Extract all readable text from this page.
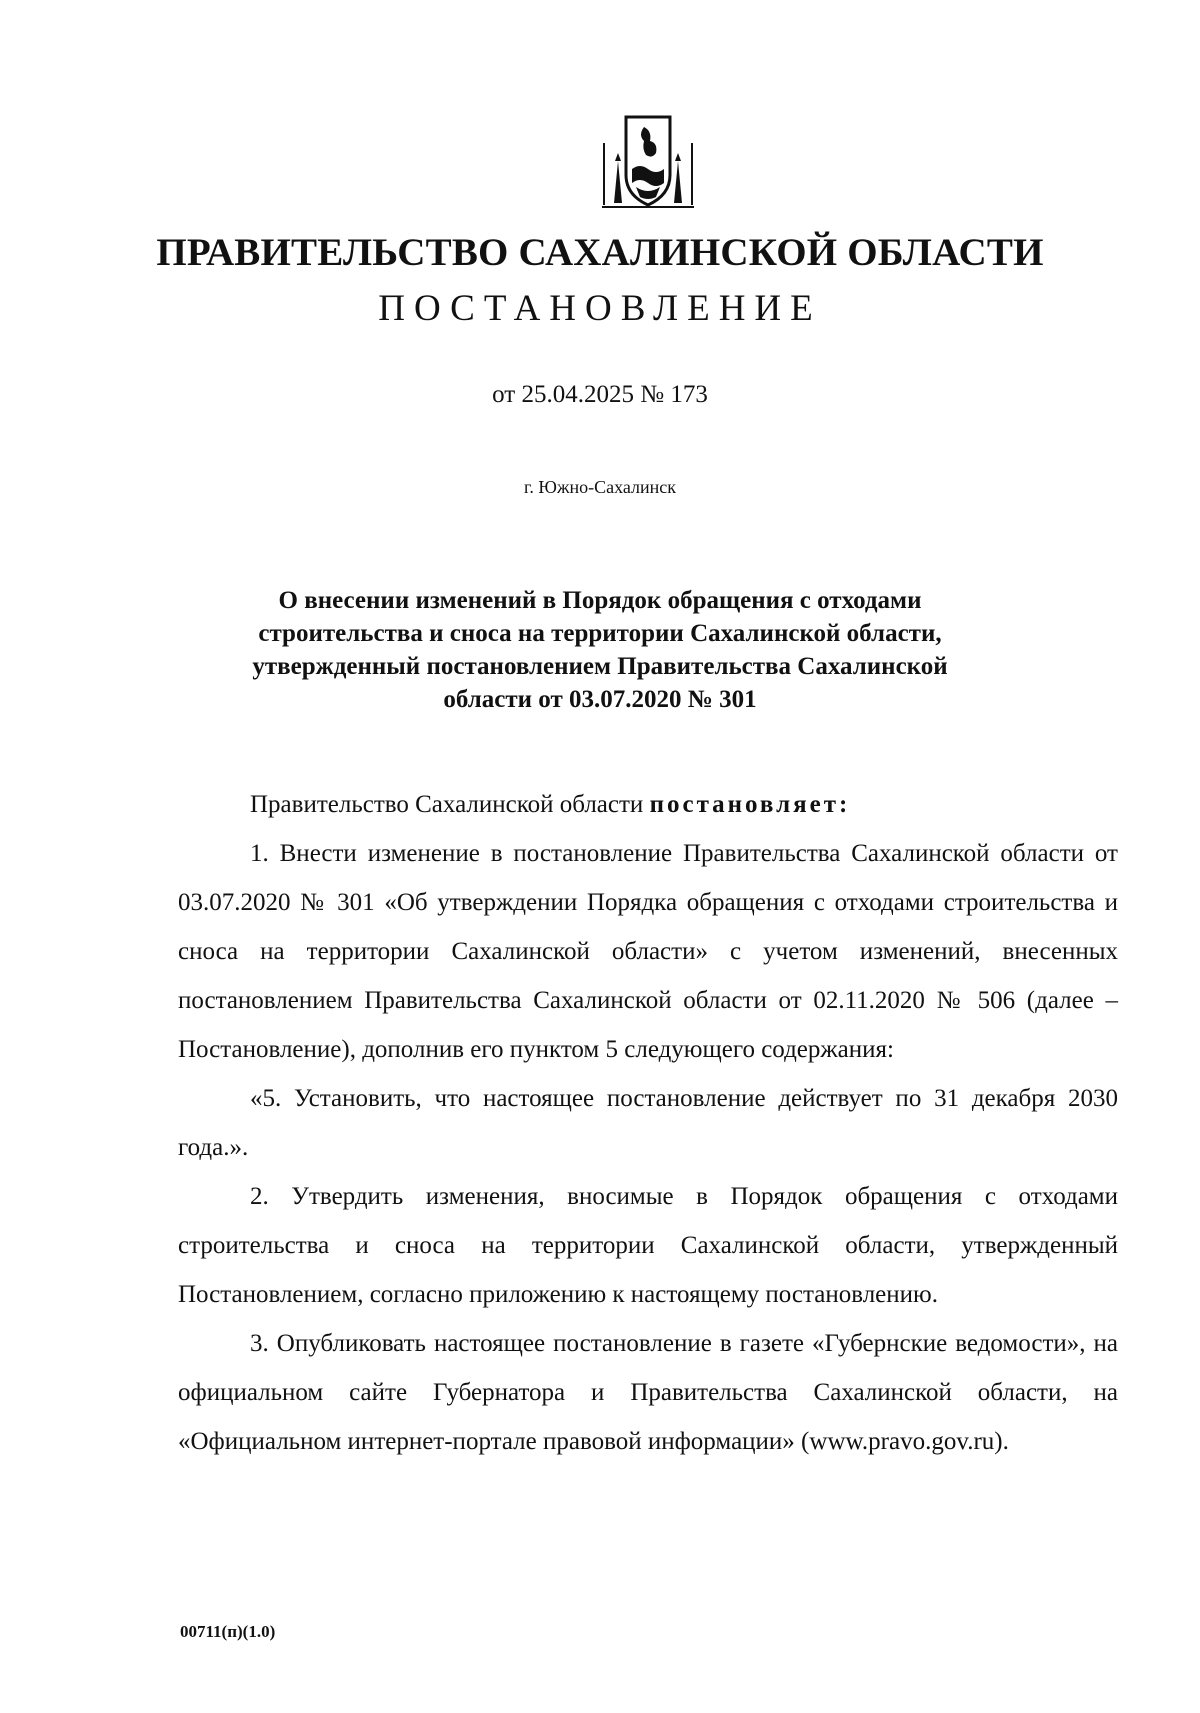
ПРАВИТЕЛЬСТВО САХАЛИНСКОЙ ОБЛАСТИ
ПОСТАНОВЛЕНИЕ
от 25.04.2025 № 173
г. Южно-Сахалинск
О внесении изменений в Порядок обращения с отходами строительства и сноса на территории Сахалинской области, утвержденный постановлением Правительства Сахалинской области от 03.07.2020 № 301

Правительство Сахалинской области постановляет:

1. Внести изменение в постановление Правительства Сахалинской области от 03.07.2020 № 301 «Об утверждении Порядка обращения с отходами строительства и сноса на территории Сахалинской области» с учетом изменений, внесенных постановлением Правительства Сахалинской области от 02.11.2020 № 506 (далее – Постановление), дополнив его пунктом 5 следующего содержания:

«5. Установить, что настоящее постановление действует по 31 декабря 2030 года.».

2. Утвердить изменения, вносимые в Порядок обращения с отходами строительства и сноса на территории Сахалинской области, утвержденный Постановлением, согласно приложению к настоящему постановлению.

3. Опубликовать настоящее постановление в газете «Губернские ведомости», на официальном сайте Губернатора и Правительства Сахалинской области, на «Официальном интернет-портале правовой информации» (www.pravo.gov.ru).

00711(п)(1.0)
